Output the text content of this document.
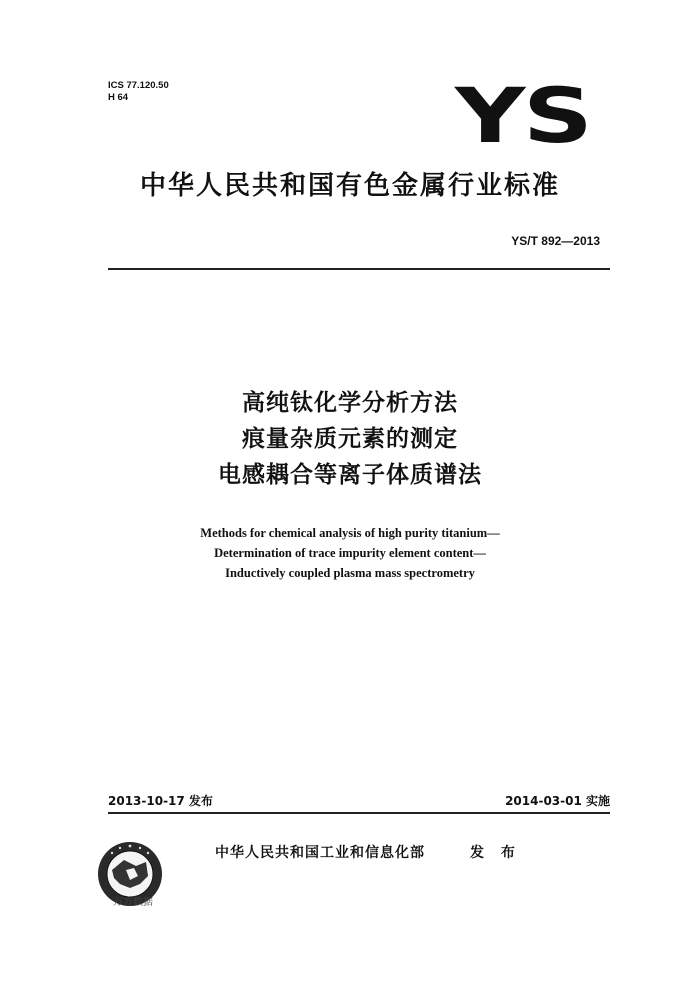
ICS 77.120.50
H 64	YS
中华人民共和国有色金属行业标准
YS/T 892—2013
高纯钛化学分析方法
痕量杂质元素的测定
电感耦合等离子体质谱法
Methods for chemical analysis of high purity titanium—
Determination of trace impurity element content—
Inductively coupled plasma mass spectrometry
2013-10-17 发布	2014-03-01 实施
万方数据
中华人民共和国工业和信息化部	发 布
